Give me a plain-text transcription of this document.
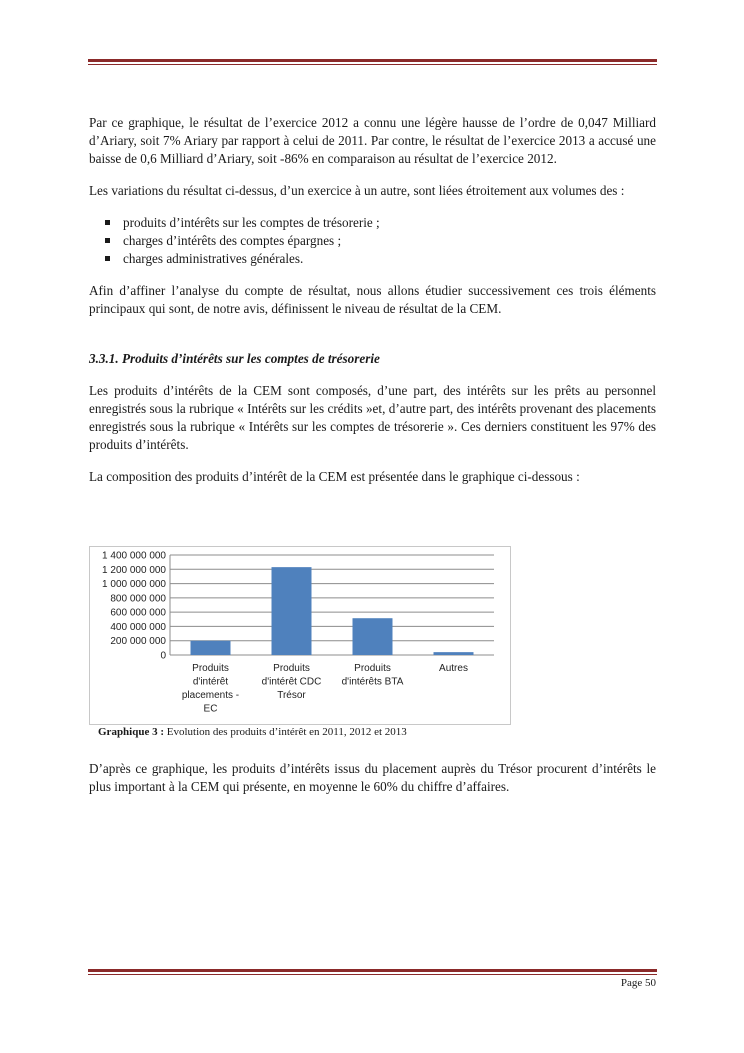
Par ce graphique, le résultat de l’exercice 2012 a connu une légère hausse de l’ordre de 0,047 Milliard d’Ariary, soit 7% Ariary par rapport à celui de 2011. Par contre, le résultat de l’exercice 2013 a accusé une baisse de 0,6 Milliard d’Ariary, soit -86% en comparaison au résultat de l’exercice 2012.

Les variations du résultat ci-dessus, d’un exercice à un autre, sont liées étroitement aux volumes des :

produits d’intérêts sur les comptes de trésorerie ;
charges d’intérêts des comptes épargnes ;
charges administratives générales.

Afin d’affiner l’analyse du compte de résultat, nous allons étudier successivement ces trois éléments principaux qui sont, de notre avis, définissent le niveau de résultat de la CEM.

3.3.1. Produits d’intérêts sur les comptes de trésorerie

Les produits d’intérêts de la CEM sont composés, d’une part, des intérêts sur les prêts au personnel enregistrés sous la rubrique « Intérêts sur les crédits »et, d’autre part, des intérêts provenant des placements enregistrés sous la rubrique « Intérêts sur les comptes de trésorerie ». Ces derniers constituent les 97% des produits d’intérêts.

La composition des produits d’intérêt de la CEM est présentée dans le graphique ci-dessous :

0
200 000 000
400 000 000
600 000 000
800 000 000
1 000 000 000
1 200 000 000
1 400 000 000
Produits d'intérêt placements -EC
Produits d'intérêt CDC Trésor
Produits d'intérêts BTA
Autres
Graphique 3 : Evolution des produits d’intérêt en 2011, 2012 et 2013

D’après ce graphique, les produits d’intérêts issus du placement auprès du Trésor procurent d’intérêts le plus important à la CEM qui présente, en moyenne le 60% du chiffre d’affaires.

Page 50
